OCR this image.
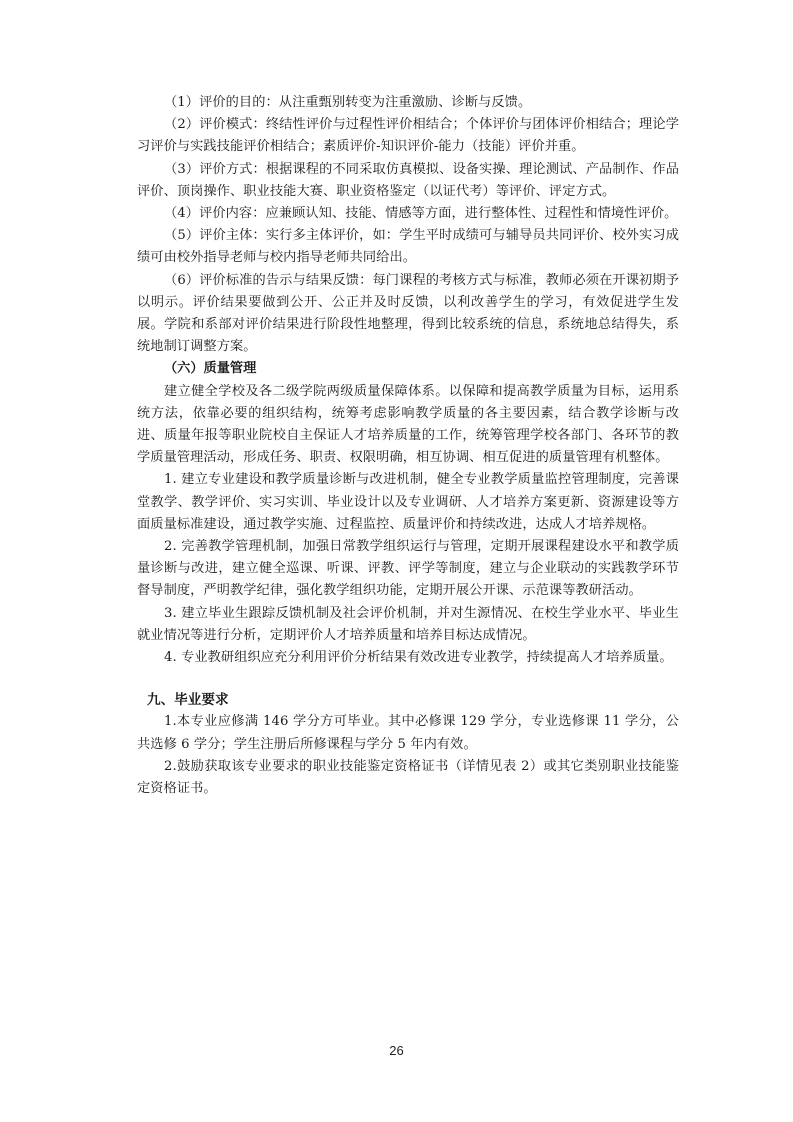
（1）评价的目的：从注重甄别转变为注重激励、诊断与反馈。

（2）评价模式：终结性评价与过程性评价相结合；个体评价与团体评价相结合；理论学习评价与实践技能评价相结合；素质评价-知识评价-能力（技能）评价并重。

（3）评价方式：根据课程的不同采取仿真模拟、设备实操、理论测试、产品制作、作品评价、顶岗操作、职业技能大赛、职业资格鉴定（以证代考）等评价、评定方式。

（4）评价内容：应兼顾认知、技能、情感等方面，进行整体性、过程性和情境性评价。

（5）评价主体：实行多主体评价，如：学生平时成绩可与辅导员共同评价、校外实习成绩可由校外指导老师与校内指导老师共同给出。

（6）评价标准的告示与结果反馈：每门课程的考核方式与标准，教师必须在开课初期予以明示。评价结果要做到公开、公正并及时反馈，以利改善学生的学习，有效促进学生发展。学院和系部对评价结果进行阶段性地整理，得到比较系统的信息，系统地总结得失，系统地制订调整方案。

（六）质量管理

建立健全学校及各二级学院两级质量保障体系。以保障和提高教学质量为目标，运用系统方法，依靠必要的组织结构，统筹考虑影响教学质量的各主要因素，结合教学诊断与改进、质量年报等职业院校自主保证人才培养质量的工作，统筹管理学校各部门、各环节的教学质量管理活动，形成任务、职责、权限明确，相互协调、相互促进的质量管理有机整体。

1. 建立专业建设和教学质量诊断与改进机制，健全专业教学质量监控管理制度，完善课堂教学、教学评价、实习实训、毕业设计以及专业调研、人才培养方案更新、资源建设等方面质量标准建设，通过教学实施、过程监控、质量评价和持续改进，达成人才培养规格。

2. 完善教学管理机制，加强日常教学组织运行与管理，定期开展课程建设水平和教学质量诊断与改进，建立健全巡课、听课、评教、评学等制度，建立与企业联动的实践教学环节督导制度，严明教学纪律，强化教学组织功能，定期开展公开课、示范课等教研活动。

3. 建立毕业生跟踪反馈机制及社会评价机制，并对生源情况、在校生学业水平、毕业生就业情况等进行分析，定期评价人才培养质量和培养目标达成情况。

4. 专业教研组织应充分利用评价分析结果有效改进专业教学，持续提高人才培养质量。

九、毕业要求

1.本专业应修满 146 学分方可毕业。其中必修课 129 学分，专业选修课 11 学分，公共选修 6 学分；学生注册后所修课程与学分 5 年内有效。

2.鼓励获取该专业要求的职业技能鉴定资格证书（详情见表 2）或其它类别职业技能鉴定资格证书。

26
